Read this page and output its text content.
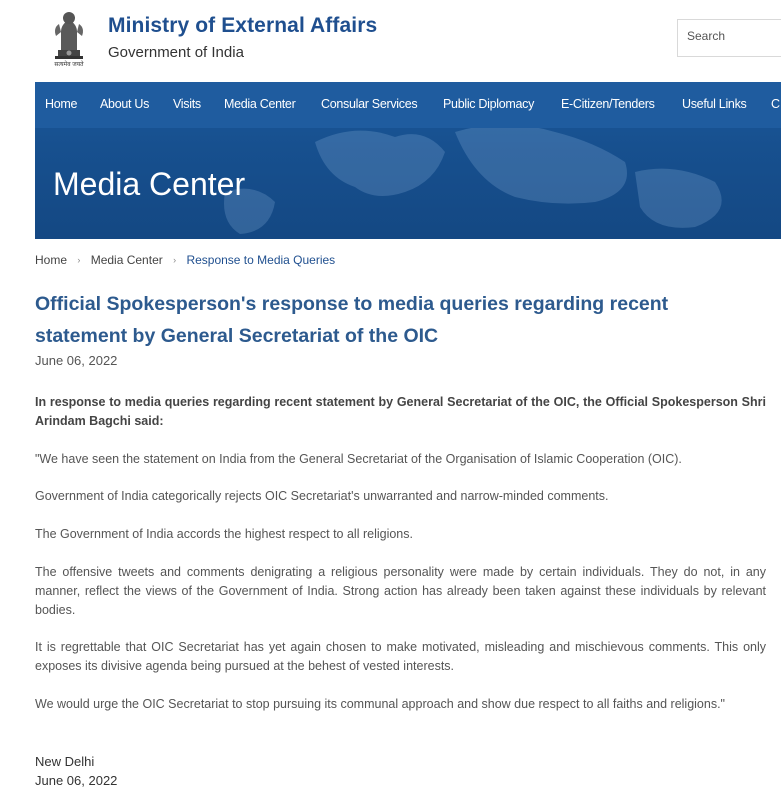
सत्यमेव जयते
Ministry of External Affairs
Government of India
Search
Home About Us Visits Media Center Consular Services Public Diplomacy E-Citizen/Tenders Useful Links C
Media Center
Home › Media Center › Response to Media Queries
Official Spokesperson's response to media queries regarding recent statement by General Secretariat of the OIC
June 06, 2022

In response to media queries regarding recent statement by General Secretariat of the OIC, the Official Spokesperson Shri Arindam Bagchi said:

"We have seen the statement on India from the General Secretariat of the Organisation of Islamic Cooperation (OIC).

Government of India categorically rejects OIC Secretariat's unwarranted and narrow-minded comments.

The Government of India accords the highest respect to all religions.

The offensive tweets and comments denigrating a religious personality were made by certain individuals. They do not, in any manner, reflect the views of the Government of India. Strong action has already been taken against these individuals by relevant bodies.

It is regrettable that OIC Secretariat has yet again chosen to make motivated, misleading and mischievous comments. This only exposes its divisive agenda being pursued at the behest of vested interests.

We would urge the OIC Secretariat to stop pursuing its communal approach and show due respect to all faiths and religions."

New Delhi
June 06, 2022
